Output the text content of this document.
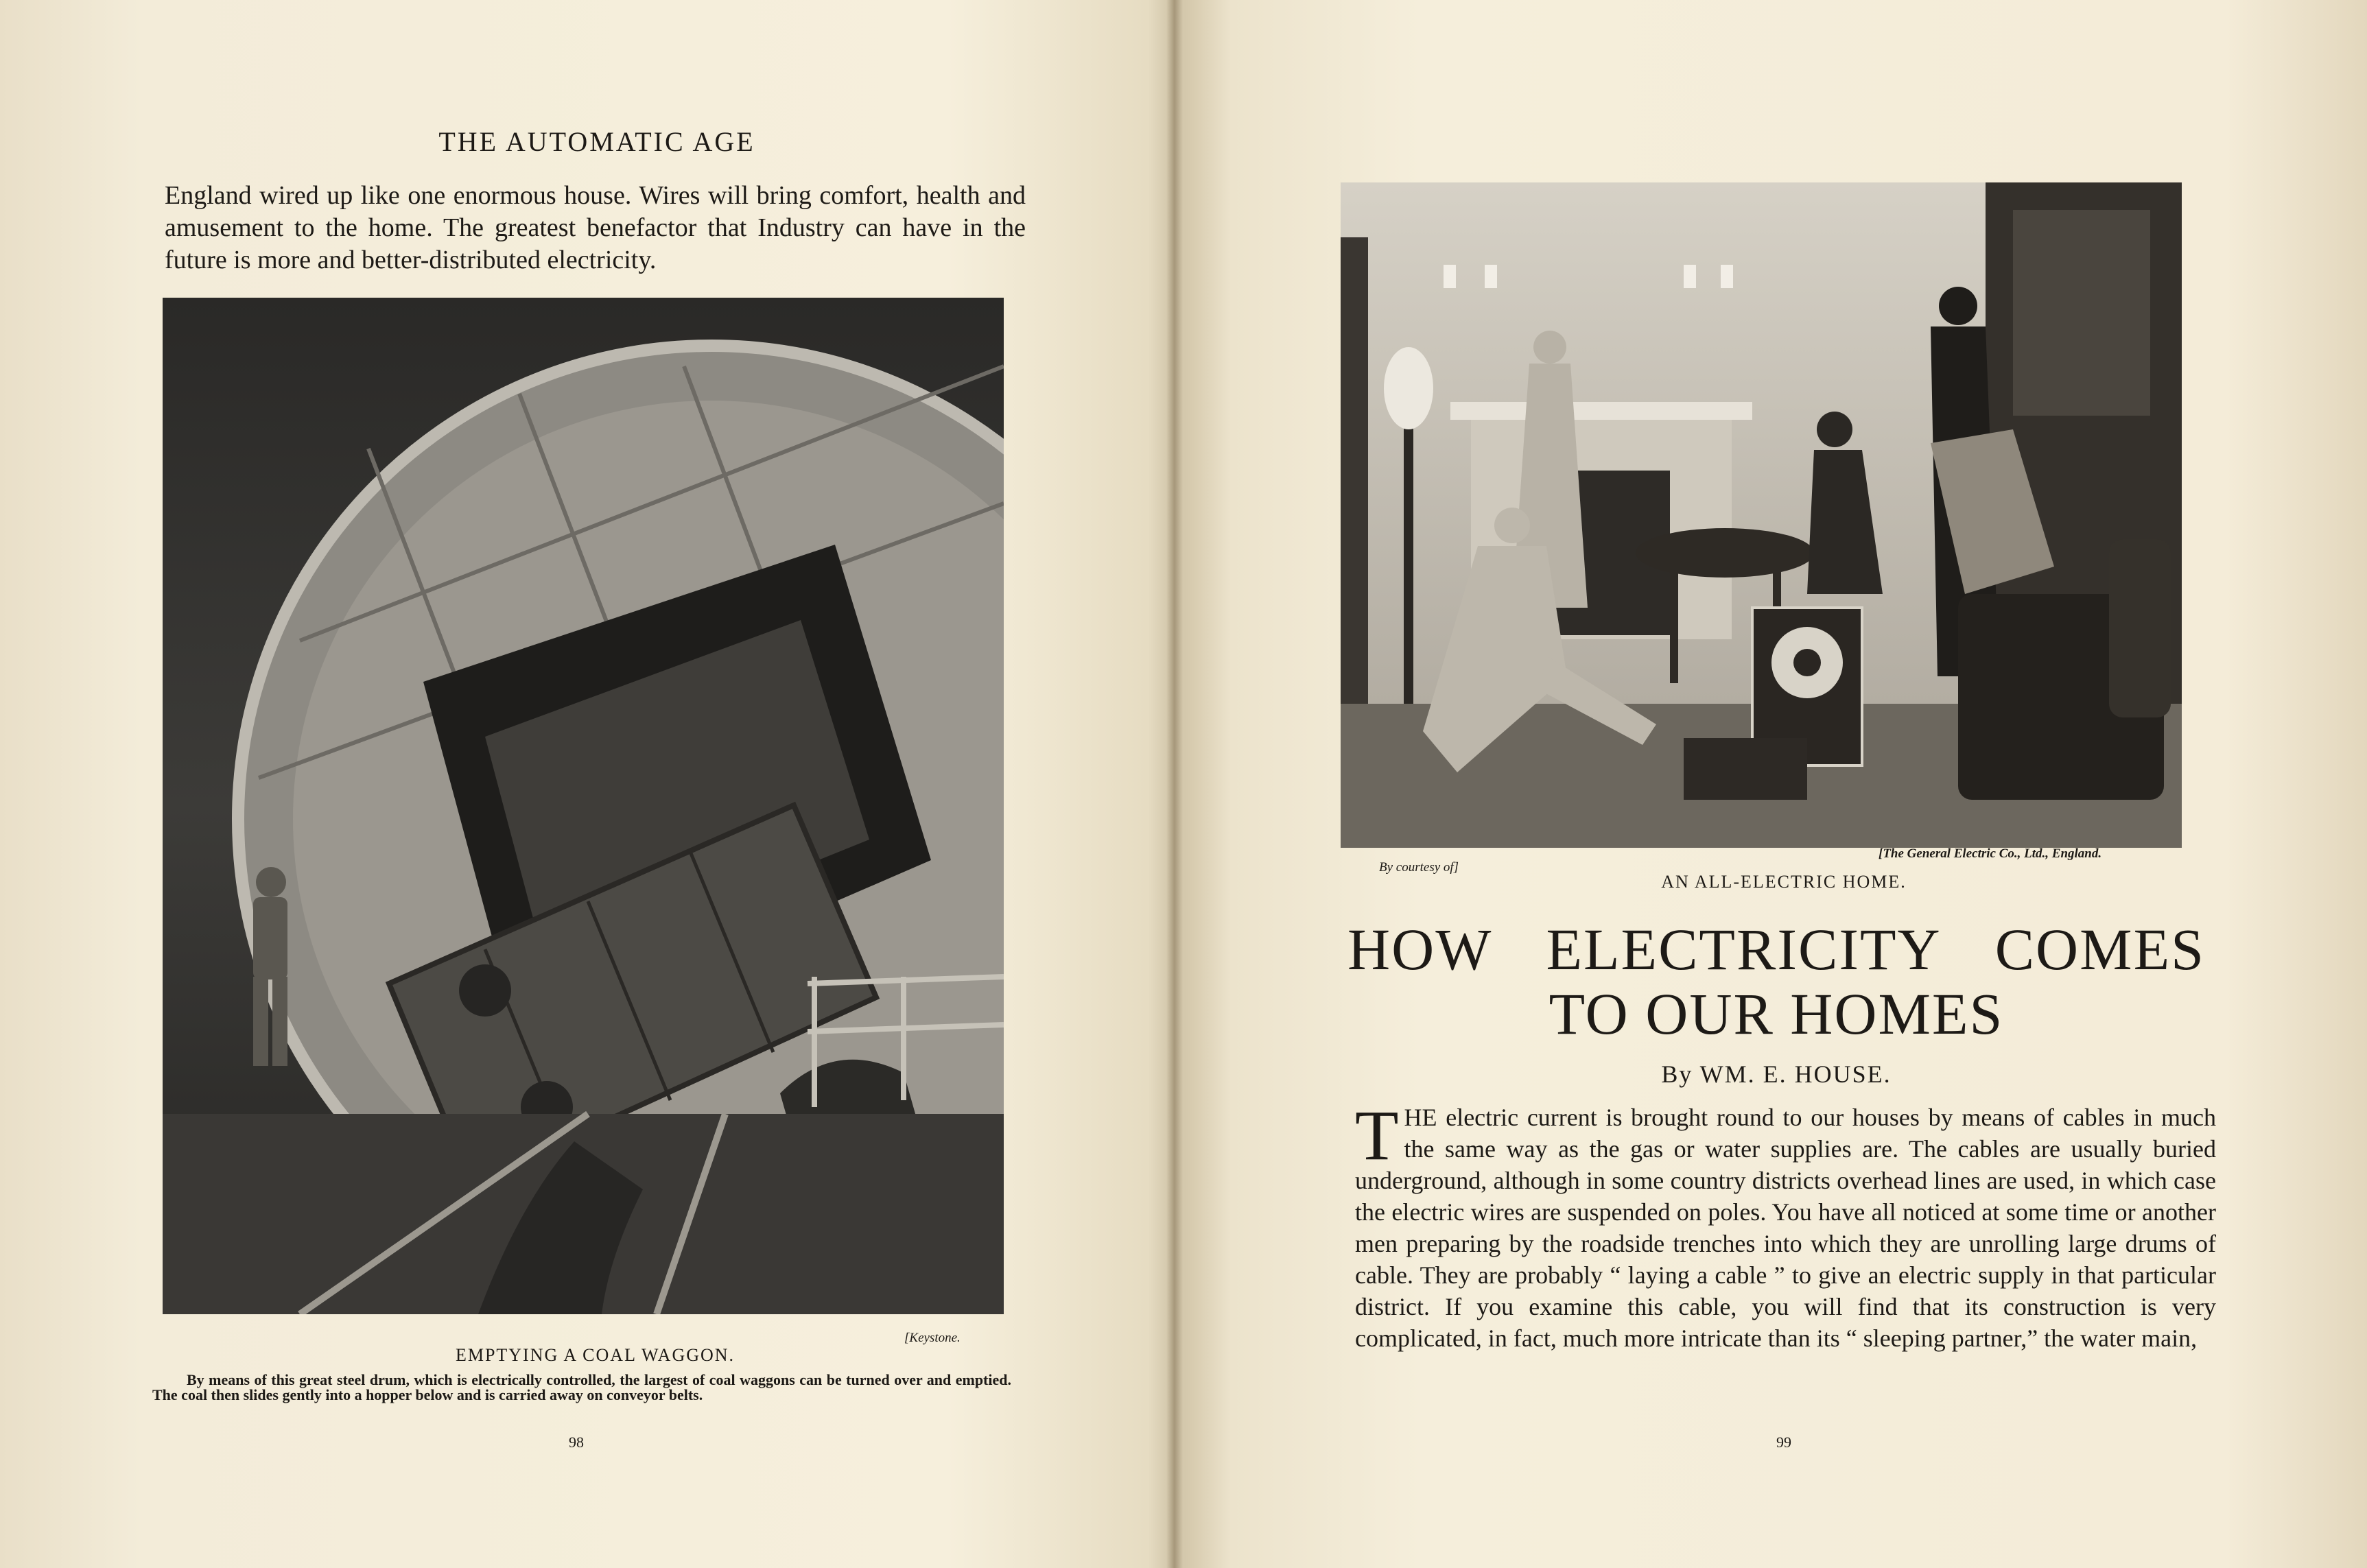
THE AUTOMATIC AGE
England wired up like one enormous house. Wires will bring comfort, health and amusement to the home. The greatest benefactor that Industry can have in the future is more and better-distributed electricity.
[Keystone.
EMPTYING A COAL WAGGON.
By means of this great steel drum, which is electrically controlled, the largest of coal waggons can be turned over and emptied. The coal then slides gently into a hopper below and is carried away on conveyor belts.
98
By courtesy of]
[The General Electric Co., Ltd., England.
AN ALL-ELECTRIC HOME.
HOW ELECTRICITY COMES
TO OUR HOMES
By WM. E. HOUSE.
T HE electric current is brought round to our houses by means of cables in much the same way as the gas or water supplies are. The cables are usually buried underground, although in some country districts overhead lines are used, in which case the electric wires are suspended on poles. You have all noticed at some time or another men preparing by the roadside trenches into which they are unrolling large drums of cable. They are probably “ laying a cable ” to give an electric supply in that particular district. If you examine this cable, you will find that its construction is very complicated, in fact, much more intricate than its “ sleeping partner,” the water main,
99
